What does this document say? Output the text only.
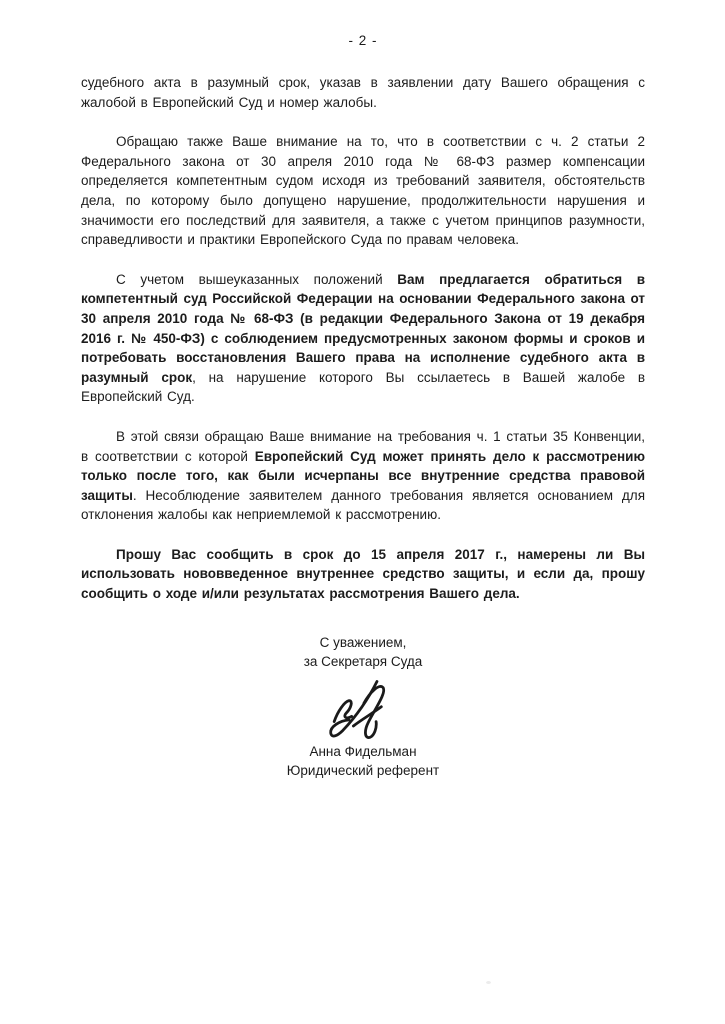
- 2 -

судебного акта в разумный срок, указав в заявлении дату Вашего обращения с жалобой в Европейский Суд и номер жалобы.

Обращаю также Ваше внимание на то, что в соответствии с ч. 2 статьи 2 Федерального закона от 30 апреля 2010 года № 68-ФЗ размер компенсации определяется компетентным судом исходя из требований заявителя, обстоятельств дела, по которому было допущено нарушение, продолжительности нарушения и значимости его последствий для заявителя, а также с учетом принципов разумности, справедливости и практики Европейского Суда по правам человека.

С учетом вышеуказанных положений Вам предлагается обратиться в компетентный суд Российской Федерации на основании Федерального закона от 30 апреля 2010 года № 68-ФЗ (в редакции Федерального Закона от 19 декабря 2016 г. № 450-ФЗ) с соблюдением предусмотренных законом формы и сроков и потребовать восстановления Вашего права на исполнение судебного акта в разумный срок, на нарушение которого Вы ссылаетесь в Вашей жалобе в Европейский Суд.

В этой связи обращаю Ваше внимание на требования ч. 1 статьи 35 Конвенции, в соответствии с которой Европейский Суд может принять дело к рассмотрению только после того, как были исчерпаны все внутренние средства правовой защиты. Несоблюдение заявителем данного требования является основанием для отклонения жалобы как неприемлемой к рассмотрению.

Прошу Вас сообщить в срок до 15 апреля 2017 г., намерены ли Вы использовать нововведенное внутреннее средство защиты, и если да, прошу сообщить о ходе и/или результатах рассмотрения Вашего дела.

С уважением,
за Секретаря Суда
Анна Фидельман
Юридический референт
